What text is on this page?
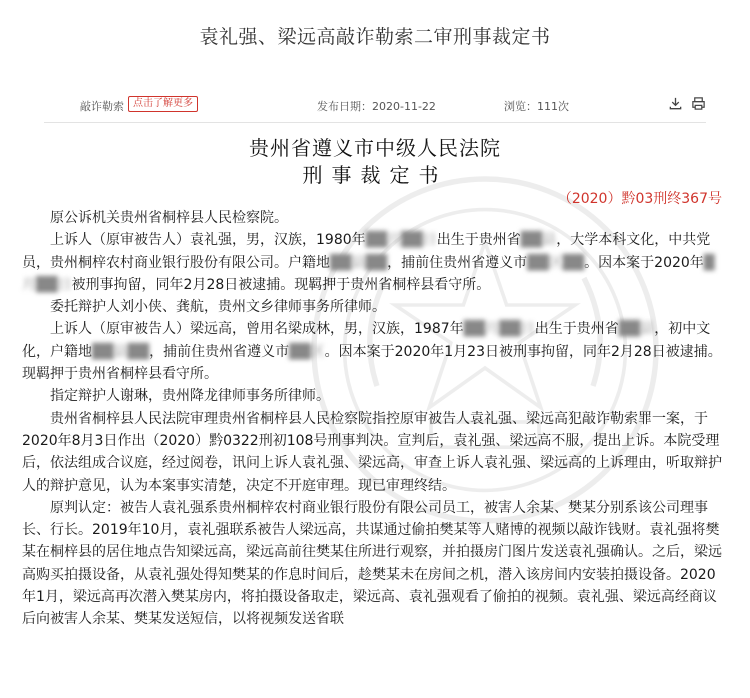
袁礼强、梁远高敲诈勒索二审刑事裁定书
敲诈勒索 点击了解更多	发布日期：2020-11-22	浏览：111次
贵州省遵义市中级人民法院
刑事裁定书
（2020）黔03刑终367号

原公诉机关贵州省桐梓县人民检察院。

上诉人（原审被告人）袁礼强，男，汉族，1980年██月██日出生于贵州省██县，大学本科文化，中共党员，贵州桐梓农村商业银行股份有限公司。户籍地██县██，捕前住贵州省遵义市██区██。因本案于2020年█月██日被刑事拘留，同年2月28日被逮捕。现羁押于贵州省桐梓县看守所。

委托辩护人刘小侠、龚航，贵州文乡律师事务所律师。

上诉人（原审被告人）梁远高，曾用名梁成林，男，汉族，1987年██月██日出生于贵州省██县，初中文化，户籍地██县██，捕前住贵州省遵义市██区。因本案于2020年1月23日被刑事拘留，同年2月28日被逮捕。现羁押于贵州省桐梓县看守所。

指定辩护人谢琳，贵州降龙律师事务所律师。

贵州省桐梓县人民法院审理贵州省桐梓县人民检察院指控原审被告人袁礼强、梁远高犯敲诈勒索罪一案，于2020年8月3日作出（2020）黔0322刑初108号刑事判决。宣判后，袁礼强、梁远高不服，提出上诉。本院受理后，依法组成合议庭，经过阅卷，讯问上诉人袁礼强、梁远高，审查上诉人袁礼强、梁远高的上诉理由，听取辩护人的辩护意见，认为本案事实清楚，决定不开庭审理。现已审理终结。

原判认定：被告人袁礼强系贵州桐梓农村商业银行股份有限公司员工，被害人余某、樊某分别系该公司理事长、行长。2019年10月，袁礼强联系被告人梁远高，共谋通过偷拍樊某等人赌博的视频以敲诈钱财。袁礼强将樊某在桐梓县的居住地点告知梁远高，梁远高前往樊某住所进行观察，并拍摄房门图片发送袁礼强确认。之后，梁远高购买拍摄设备，从袁礼强处得知樊某的作息时间后，趁樊某未在房间之机，潜入该房间内安装拍摄设备。2020年1月，梁远高再次潜入樊某房内，将拍摄设备取走，梁远高、袁礼强观看了偷拍的视频。袁礼强、梁远高经商议后向被害人余某、樊某发送短信，以将视频发送省联
